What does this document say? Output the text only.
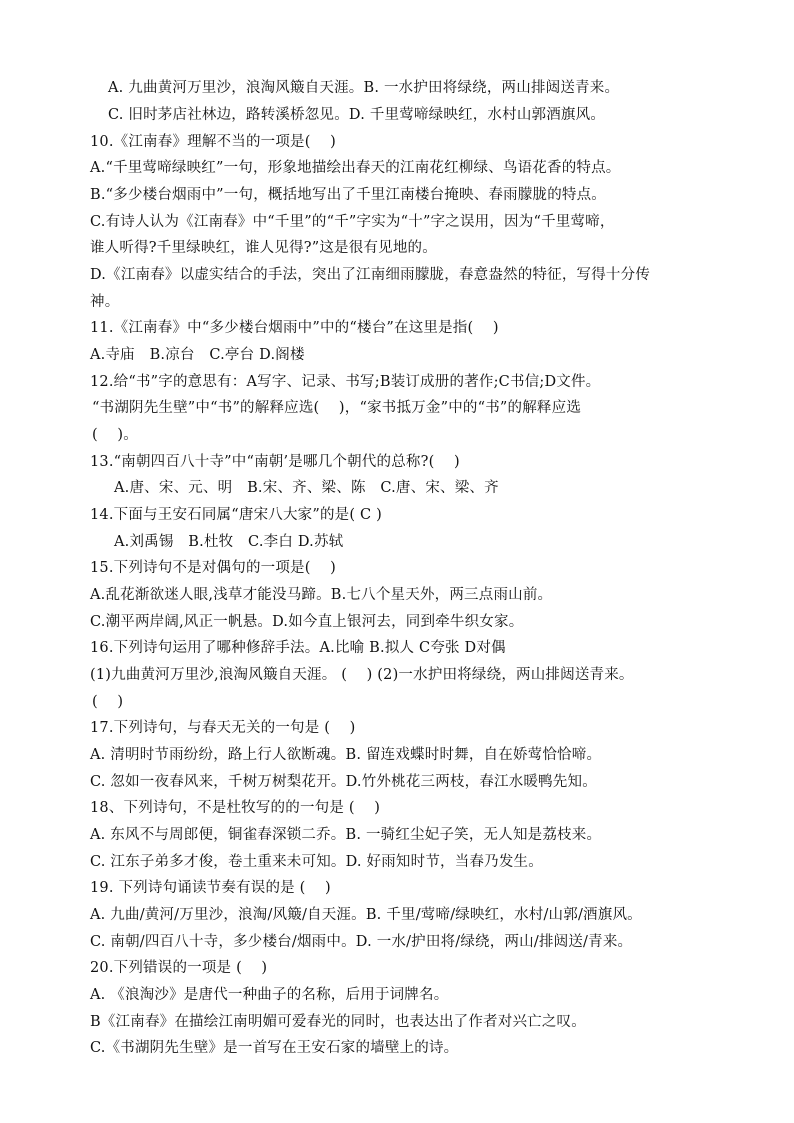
A. 九曲黄河万里沙，浪淘风簸自天涯。B. 一水护田将绿绕，两山排闼送青来。
C. 旧时茅店社林边，路转溪桥忽见。D. 千里莺啼绿映红，水村山郭酒旗风。
10.《江南春》理解不当的一项是(　 )
A.“千里莺啼绿映红”一句，形象地描绘出春天的江南花红柳绿、鸟语花香的特点。
B.“多少楼台烟雨中”一句，概括地写出了千里江南楼台掩映、春雨朦胧的特点。
C.有诗人认为《江南春》中“千里”的“千”字实为“十”字之误用，因为“千里莺啼，
谁人听得?千里绿映红，谁人见得?”这是很有见地的。
D.《江南春》以虚实结合的手法，突出了江南细雨朦胧，春意盎然的特征，写得十分传
神。
11.《江南春》中“多少楼台烟雨中”中的“楼台”在这里是指(　 )
A.寺庙　B.凉台　C.亭台 D.阁楼
12.给“书”字的意思有：A写字、记录、书写;B装订成册的著作;C书信;D文件。
“书湖阴先生壁”中“书”的解释应选(　 )，“家书抵万金”中的“书”的解释应选
(　 )。
13.“南朝四百八十寺”中“南朝’是哪几个朝代的总称?(　 )
A.唐、宋、元、明　B.宋、齐、梁、陈　C.唐、宋、梁、齐
14.下面与王安石同属“唐宋八大家”的是( C )
A.刘禹锡　B.杜牧　C.李白 D.苏轼
15.下列诗句不是对偶句的一项是(　 )
A.乱花渐欲迷人眼,浅草才能没马蹄。B.七八个星天外，两三点雨山前。
C.潮平两岸阔,风正一帆悬。D.如今直上银河去，同到牵牛织女家。
16.下列诗句运用了哪种修辞手法。A.比喻 B.拟人 C夸张 D对偶
(1)九曲黄河万里沙,浪淘风簸自天涯。 (　 ) (2)一水护田将绿绕，两山排闼送青来。
(　 )
17.下列诗句，与春天无关的一句是 (　 )
A. 清明时节雨纷纷，路上行人欲断魂。B. 留连戏蝶时时舞，自在娇莺恰恰啼。
C. 忽如一夜春风来，千树万树梨花开。D.竹外桃花三两枝，春江水暖鸭先知。
18、下列诗句，不是杜牧写的的一句是 (　 )
A. 东风不与周郎便，铜雀春深锁二乔。B. 一骑红尘妃子笑，无人知是荔枝来。
C. 江东子弟多才俊，卷土重来未可知。D. 好雨知时节，当春乃发生。
19. 下列诗句诵读节奏有误的是 (　 )
A. 九曲/黄河/万里沙，浪淘/风簸/自天涯。B. 千里/莺啼/绿映红，水村/山郭/酒旗风。
C. 南朝/四百八十寺，多少楼台/烟雨中。D. 一水/护田将/绿绕，两山/排闼送/青来。
20.下列错误的一项是 (　 )
A. 《浪淘沙》是唐代一种曲子的名称，后用于词牌名。
B《江南春》在描绘江南明媚可爱春光的同时，也表达出了作者对兴亡之叹。
C.《书湖阴先生壁》是一首写在王安石家的墙壁上的诗。
